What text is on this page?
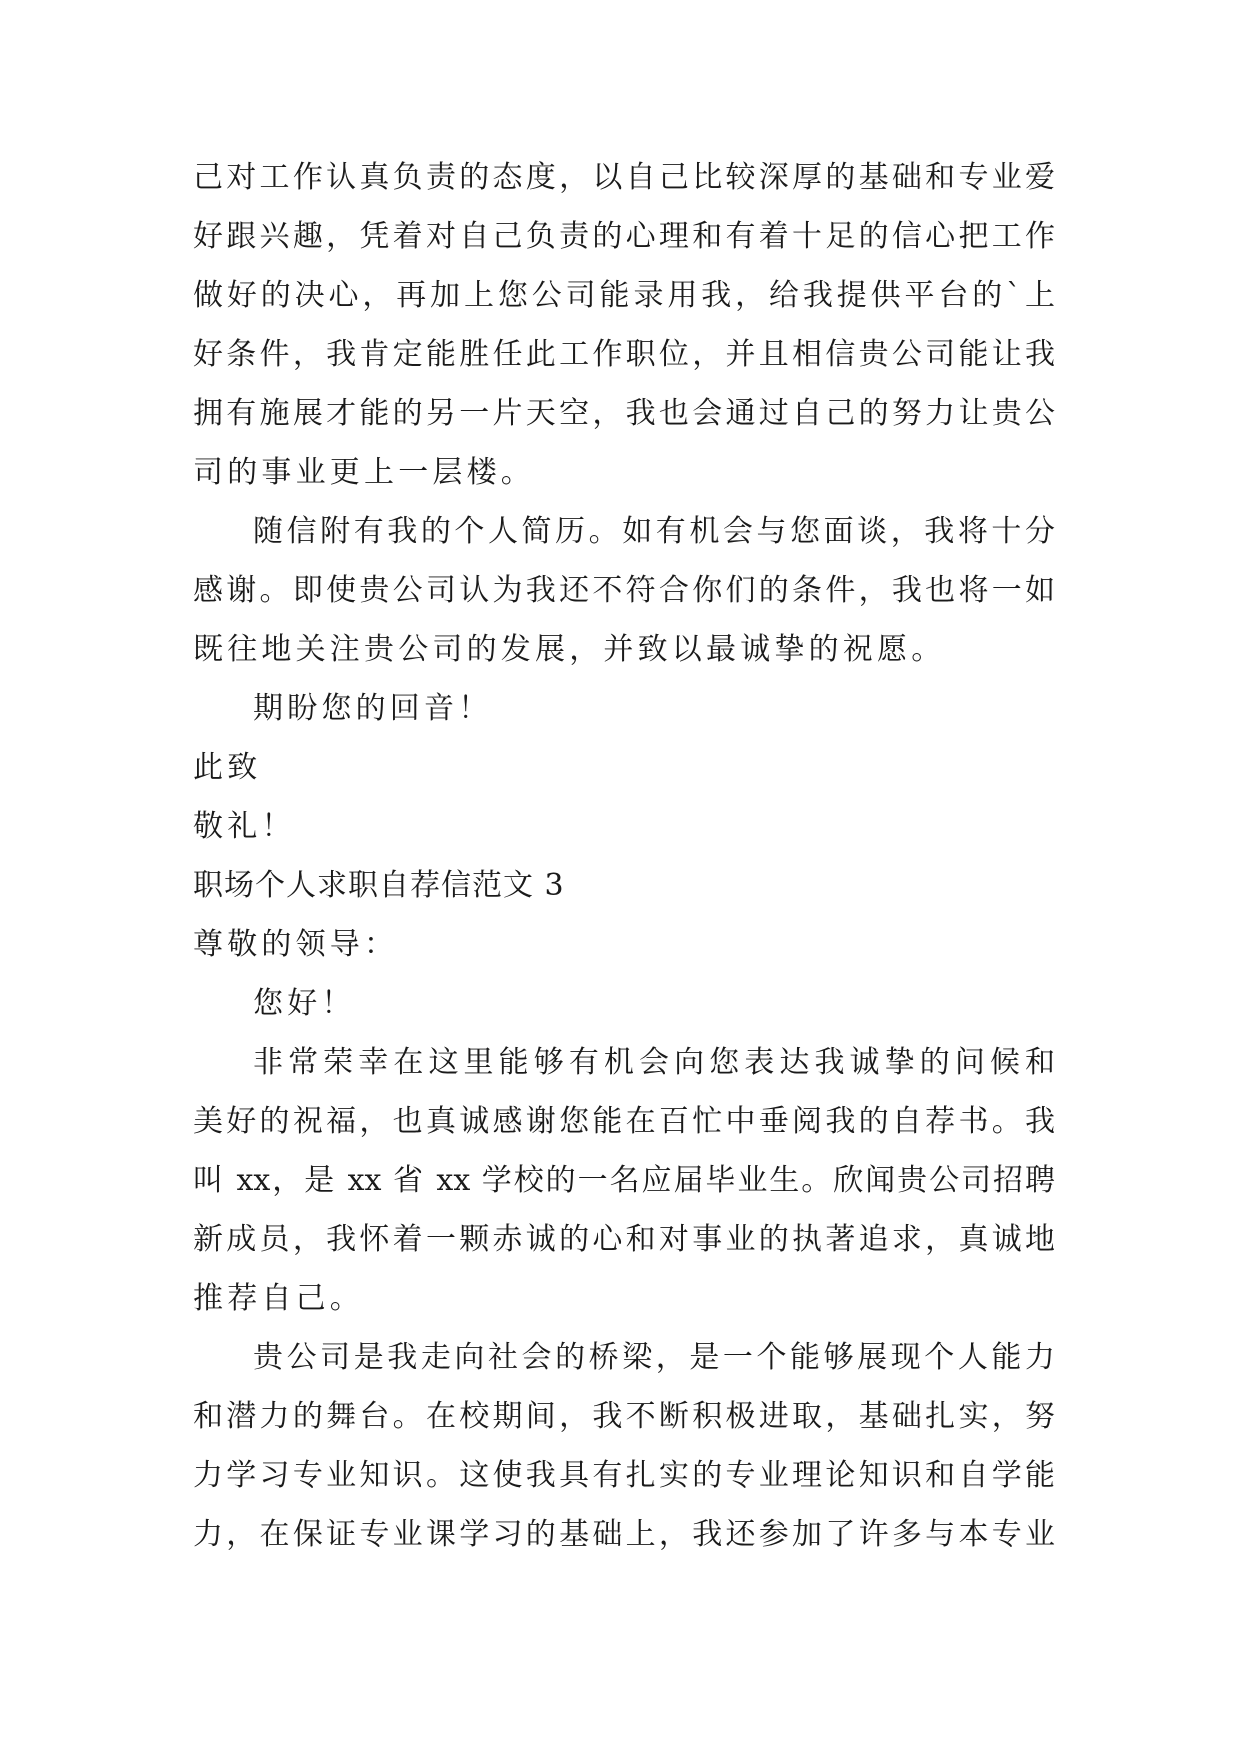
己对工作认真负责的态度，以自己比较深厚的基础和专业爱
好跟兴趣，凭着对自己负责的心理和有着十足的信心把工作
做好的决心，再加上您公司能录用我，给我提供平台的`上
好条件，我肯定能胜任此工作职位，并且相信贵公司能让我
拥有施展才能的另一片天空，我也会通过自己的努力让贵公
司的事业更上一层楼。
随信附有我的个人简历。如有机会与您面谈，我将十分
感谢。即使贵公司认为我还不符合你们的条件，我也将一如
既往地关注贵公司的发展，并致以最诚挚的祝愿。
期盼您的回音！
此致
敬礼！
职场个人求职自荐信范文 3
尊敬的领导：
您好！
非常荣幸在这里能够有机会向您表达我诚挚的问候和
美好的祝福，也真诚感谢您能在百忙中垂阅我的自荐书。我
叫 xx，是 xx 省 xx 学校的一名应届毕业生。欣闻贵公司招聘
新成员，我怀着一颗赤诚的心和对事业的执著追求，真诚地
推荐自己。
贵公司是我走向社会的桥梁，是一个能够展现个人能力
和潜力的舞台。在校期间，我不断积极进取，基础扎实，努
力学习专业知识。这使我具有扎实的专业理论知识和自学能
力，在保证专业课学习的基础上，我还参加了许多与本专业
